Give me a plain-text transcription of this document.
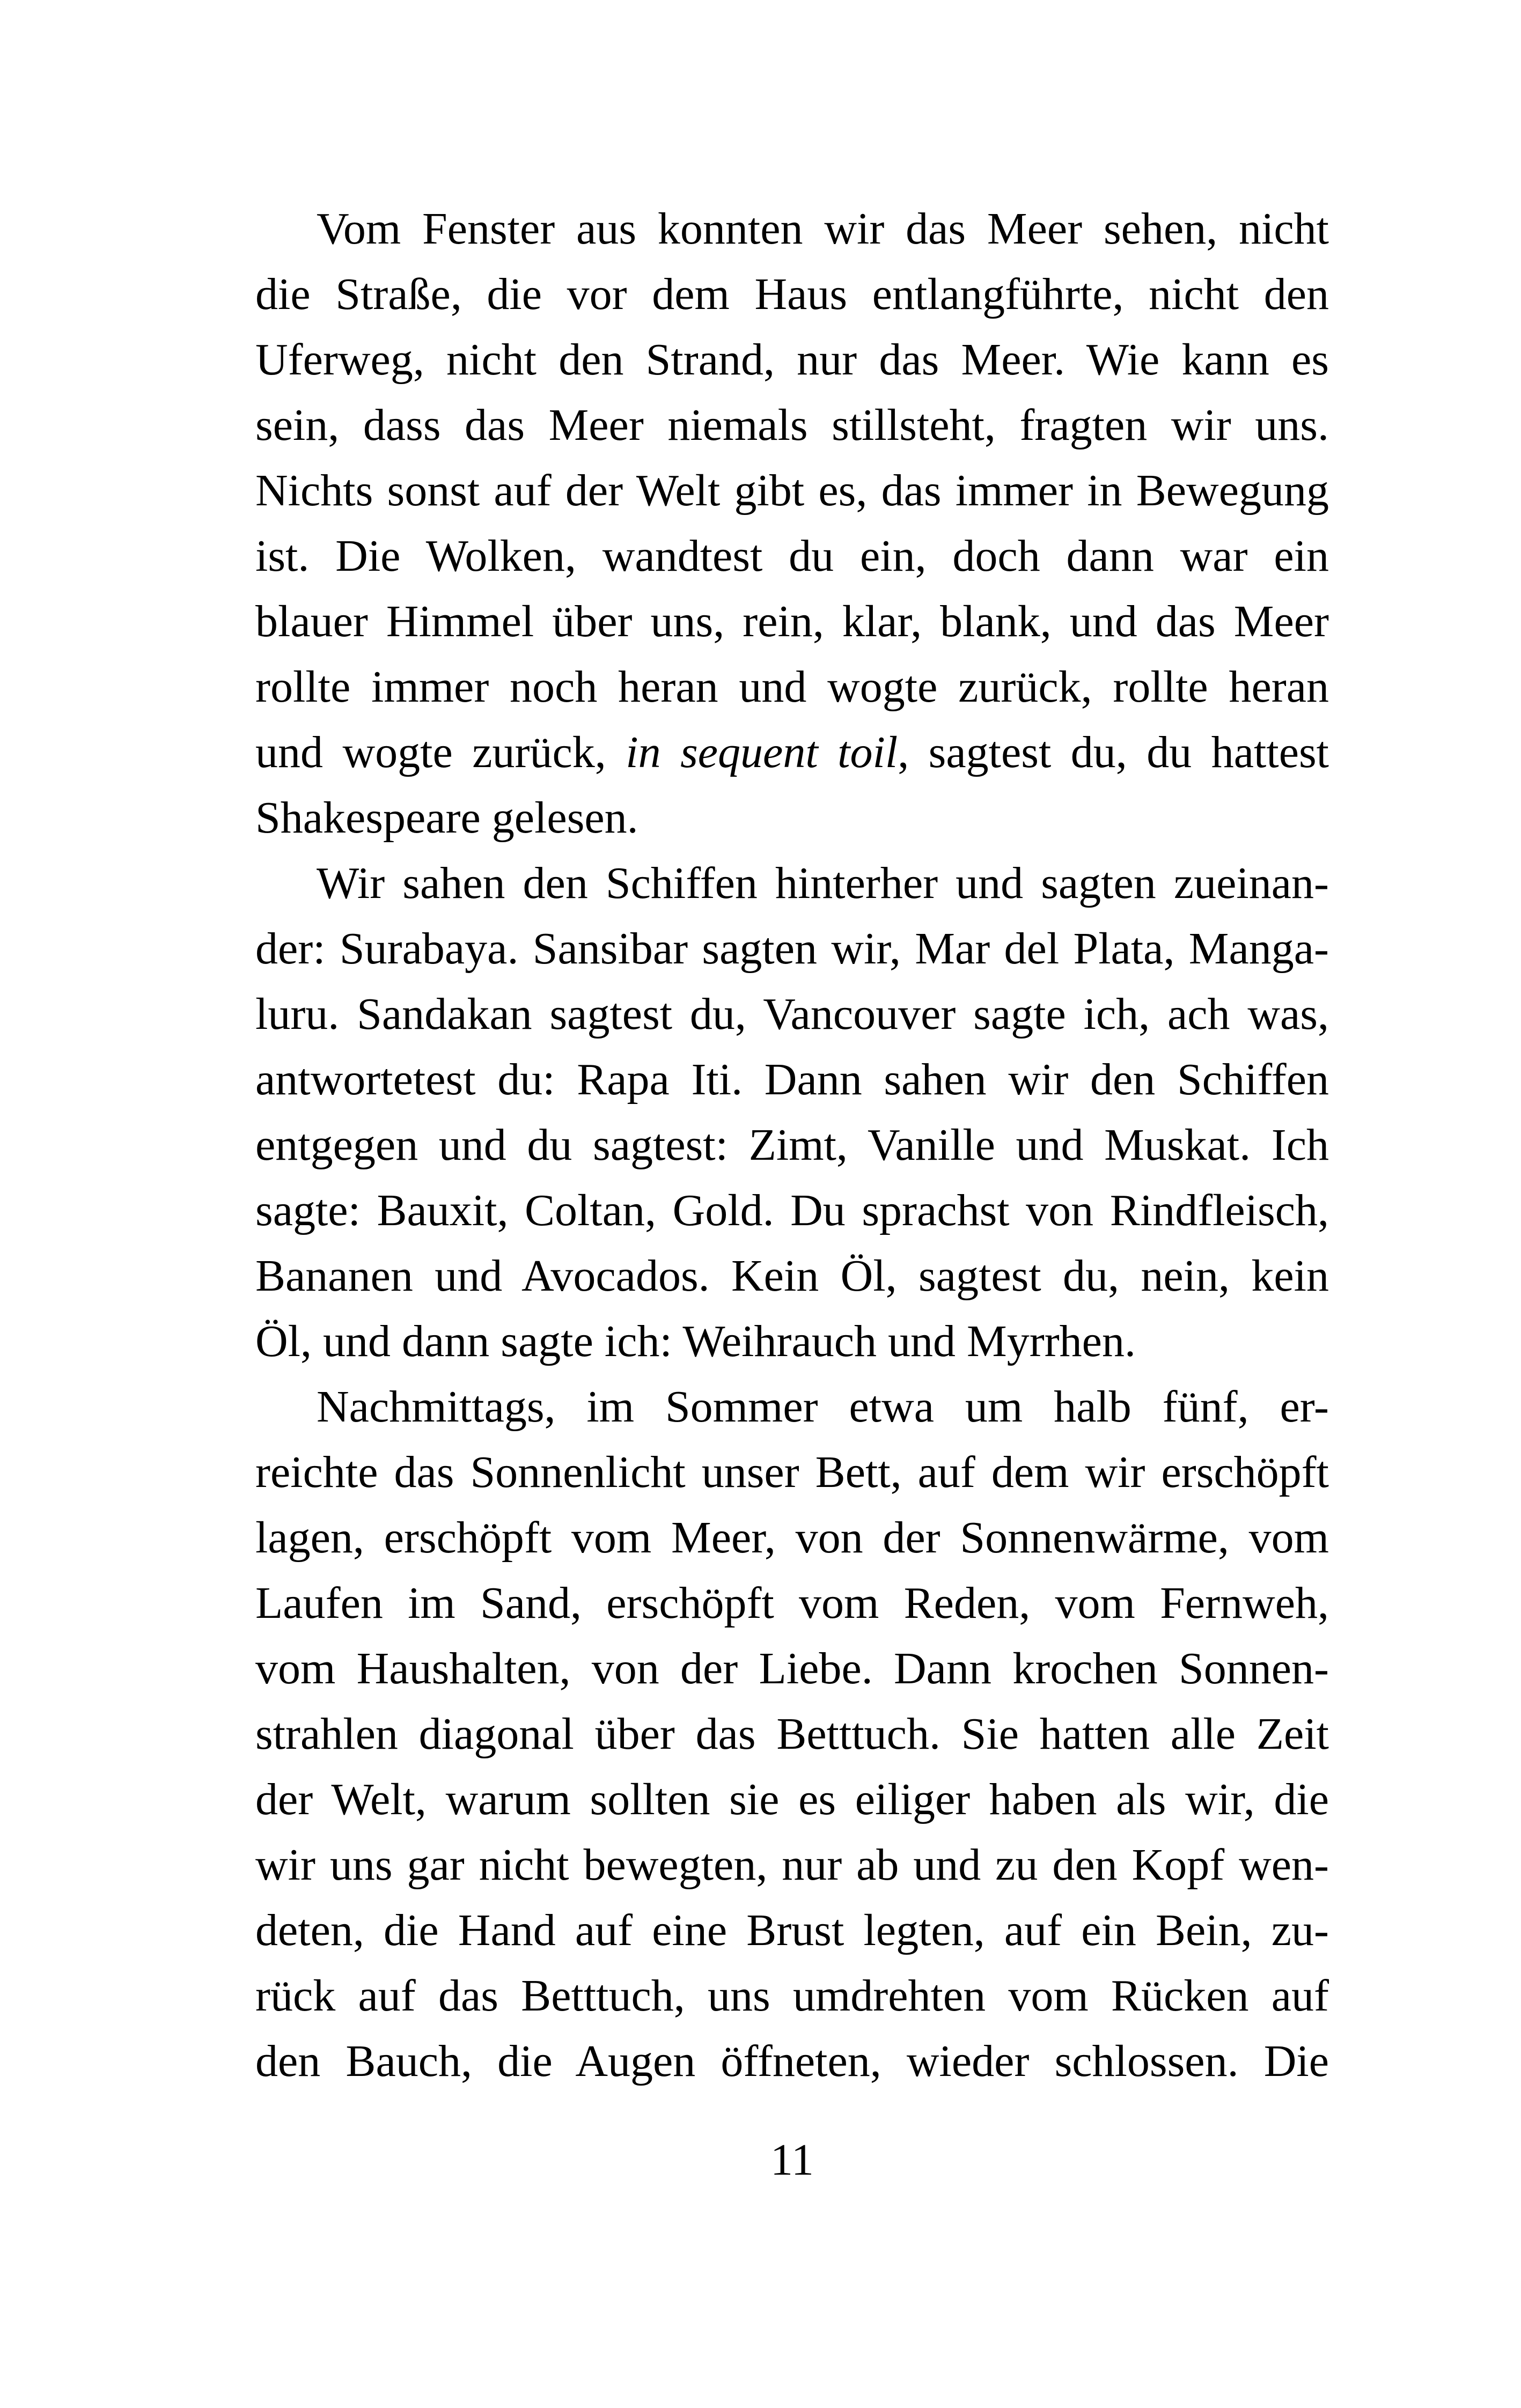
Vom Fenster aus konnten wir das Meer sehen, nicht
die Straße, die vor dem Haus entlangführte, nicht den
Uferweg, nicht den Strand, nur das Meer. Wie kann es
sein, dass das Meer niemals stillsteht, fragten wir uns.
Nichts sonst auf der Welt gibt es, das immer in Bewegung
ist. Die Wolken, wandtest du ein, doch dann war ein
blauer Himmel über uns, rein, klar, blank, und das Meer
rollte immer noch heran und wogte zurück, rollte heran
und wogte zurück, in sequent toil, sagtest du, du hattest
Shakespeare gelesen.
Wir sahen den Schiffen hinterher und sagten zueinan-
der: Surabaya. Sansibar sagten wir, Mar del Plata, Manga-
luru. Sandakan sagtest du, Vancouver sagte ich, ach was,
antwortetest du: Rapa Iti. Dann sahen wir den Schiffen
entgegen und du sagtest: Zimt, Vanille und Muskat. Ich
sagte: Bauxit, Coltan, Gold. Du sprachst von Rindfleisch,
Bananen und Avocados. Kein Öl, sagtest du, nein, kein
Öl, und dann sagte ich: Weihrauch und Myrrhen.
Nachmittags, im Sommer etwa um halb fünf, er-
reichte das Sonnenlicht unser Bett, auf dem wir erschöpft
lagen, erschöpft vom Meer, von der Sonnenwärme, vom
Laufen im Sand, erschöpft vom Reden, vom Fernweh,
vom Haushalten, von der Liebe. Dann krochen Sonnen-
strahlen diagonal über das Betttuch. Sie hatten alle Zeit
der Welt, warum sollten sie es eiliger haben als wir, die
wir uns gar nicht bewegten, nur ab und zu den Kopf wen-
deten, die Hand auf eine Brust legten, auf ein Bein, zu-
rück auf das Betttuch, uns umdrehten vom Rücken auf
den Bauch, die Augen öffneten, wieder schlossen. Die
11
